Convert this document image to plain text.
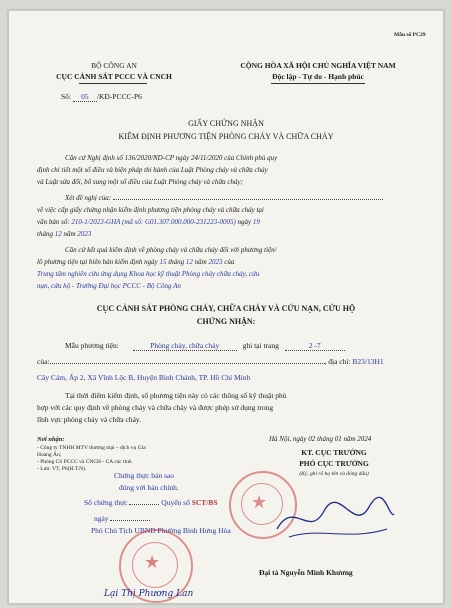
Mẫu số PC29
BỘ CÔNG AN
CỤC CẢNH SÁT PCCC VÀ CNCH
Số: 05 /KĐ-PCCC-P6
CỘNG HÒA XÃ HỘI CHỦ NGHĨA VIỆT NAM
Độc lập - Tự do - Hạnh phúc
GIẤY CHỨNG NHẬN
KIỂM ĐỊNH PHƯƠNG TIỆN PHÒNG CHÁY VÀ CHỮA CHÁY
Căn cứ Nghị định số 136/2020/ND-CP ngày 24/11/2020 của Chính phủ quy
định chi tiết một số điều và biện pháp thi hành của Luật Phòng cháy và chữa cháy
và Luật sửa đổi, bổ sung một số điều của Luật Phòng cháy và chữa cháy;
Xét đề nghị của:
về việc cấp giấy chứng nhận kiểm định phương tiện phòng cháy và chữa cháy tại
văn bản số: 210-1/2023-GHA (mã số: G01.307.000.000-231223-0005) ngày 19
tháng 12 năm 2023
Căn cứ kết quả kiểm định về phòng cháy và chữa cháy đối với phương tiện/
lô phương tiện tại biên bản kiểm định ngày 15 tháng 12 năm 2023 của
Trung tâm nghiên cứu ứng dụng Khoa học kỹ thuật Phòng cháy chữa cháy, cứu
nạn, cứu hộ - Trường Đại học PCCC - Bộ Công An
CỤC CẢNH SÁT PHÒNG CHÁY, CHỮA CHÁY VÀ CỨU NẠN, CỨU HỘ
CHỨNG NHẬN:
Mẫu phương tiện:	Phòng cháy, chữa cháy	ghi tại trang	2 -7
của:	, địa chỉ: B23/13H1
Cây Cám, Ấp 2, Xã Vĩnh Lộc B, Huyện Bình Chánh, TP. Hồ Chí Minh
Tại thời điểm kiểm định, số phương tiện này có các thông số kỹ thuật phù
hợp với các quy định về phòng cháy và chữa cháy và được phép sử dụng trong
lĩnh vực phòng cháy và chữa cháy.
Nơi nhận:
- Công ty TNHH MTV thương mại – dịch vụ Gia
Hoàng Ân;
- Phòng CS PCCC và CNCH - CA các tỉnh
- Lưu: VT, P6(H.T.N).
Hà Nội, ngày 02 tháng 01 năm 2024
KT. CỤC TRƯỞNG
PHÓ CỤC TRƯỞNG
(Ký, ghi rõ họ tên và đóng dấu)
Đại tá Nguyễn Minh Khương
★
Chứng thực bản sao
đúng với bản chính.
Số chứng thực	Quyển số SCT/BS
ngày
Phó Chủ Tịch UBND Phường Bình Hưng Hòa
★
Lại Thị Phương Lan
